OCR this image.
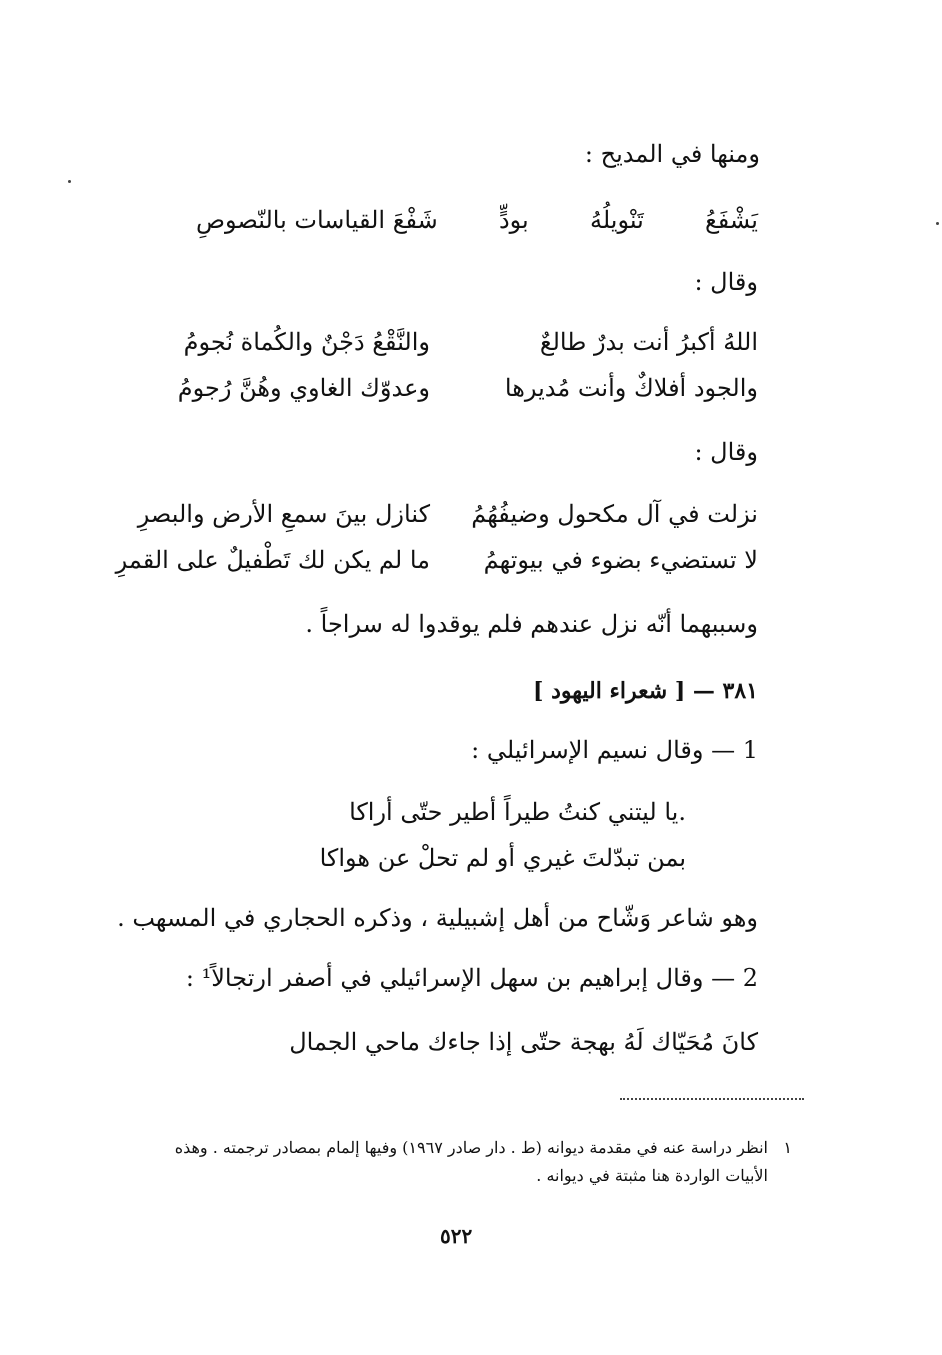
ومنها في المديح :
يَشْفَعُ
تَنْويلُهُ
بودٍّ
شَفْعَ القياسات بالنّصوصِ
وقال :
اللهُ أكبرُ أنت بدرٌ طالعٌ
والنَّقْعُ دَجْنٌ والكُماة نُجومُ
والجود أفلاكٌ وأنت مُديرها
وعدوّك الغاوي وهُنَّ رُجومُ
وقال :
نزلت في آل مكحول وضيفُهُمُ
كنازل بينَ سمعِ الأرض والبصرِ
لا تستضيء بضوء في بيوتهمُ
ما لم يكن لك تَطْفيلٌ على القمرِ
وسببهما أنّه نزل عندهم فلم يوقدوا له سراجاً .
٣٨١ — [ شعراء اليهود ]
1 — وقال نسيم الإسرائيلي :
.يا ليتني كنتُ طيراً أطير حتّى أراكا
بمن تبدّلتَ غيري أو لم تحلْ عن هواكا
وهو شاعر وَشّاح من أهل إشبيلية ، وذكره الحجاري في المسهب .
2 — وقال إبراهيم بن سهل الإسرائيلي في أصفر ارتجالاً¹ :
كانَ مُحَيّاك لَهُ بهجة حتّى إذا جاءك ماحي الجمال
١
انظر دراسة عنه في مقدمة ديوانه (ط . دار صادر ١٩٦٧) وفيها إلمام بمصادر ترجمته . وهذه
الأبيات الواردة هنا مثبتة في ديوانه .
٥٢٢
